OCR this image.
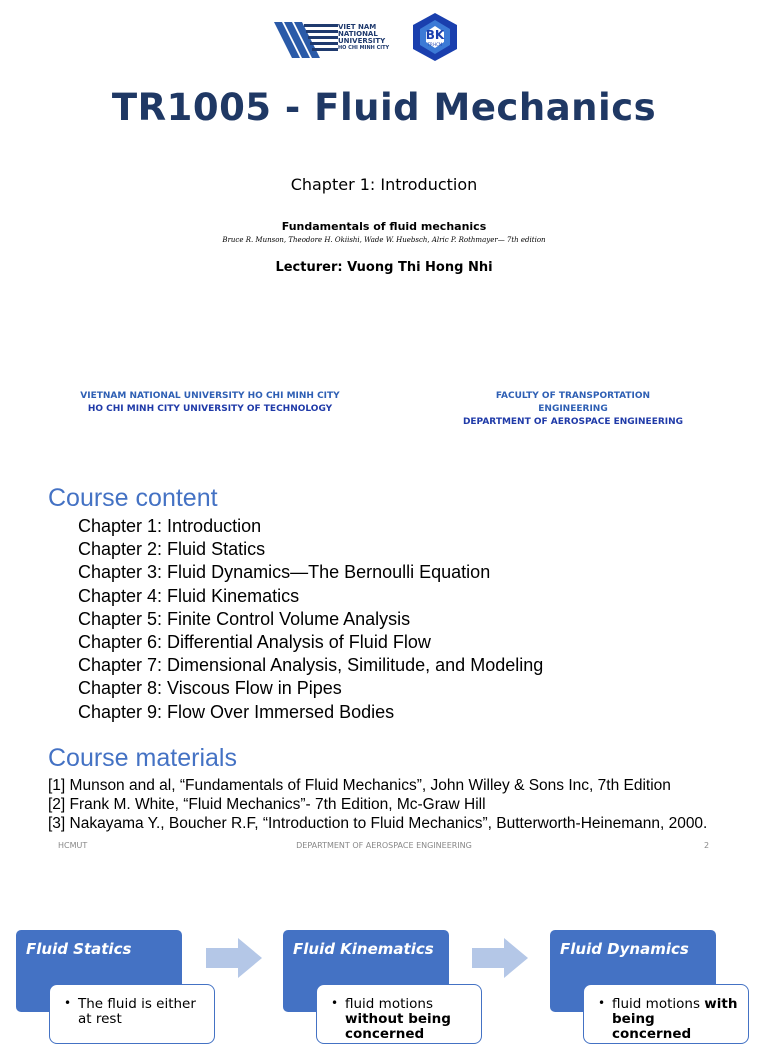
VIET NAM
NATIONAL
UNIVERSITY
HO CHI MINH CITY
BK
TP.HCM
TR1005 - Fluid Mechanics
Chapter 1: Introduction
Fundamentals of fluid mechanics
Bruce R. Munson, Theodore H. Okiishi, Wade W. Huebsch, Alric P. Rothmayer— 7th edition
Lecturer: Vuong Thi Hong Nhi
VIETNAM NATIONAL UNIVERSITY HO CHI MINH CITY
HO CHI MINH CITY UNIVERSITY OF TECHNOLOGY
FACULTY OF TRANSPORTATION
ENGINEERING
DEPARTMENT OF AEROSPACE ENGINEERING
Course content
Chapter 1: Introduction
Chapter 2: Fluid Statics
Chapter 3: Fluid Dynamics—The Bernoulli Equation
Chapter 4: Fluid Kinematics
Chapter 5: Finite Control Volume Analysis
Chapter 6: Differential Analysis of Fluid Flow
Chapter 7: Dimensional Analysis, Similitude, and Modeling
Chapter 8: Viscous Flow in Pipes
Chapter 9: Flow Over Immersed Bodies
Course materials
[1] Munson and al, “Fundamentals of Fluid Mechanics”, John Willey & Sons Inc, 7th Edition
[2] Frank M. White, “Fluid Mechanics”- 7th Edition, Mc-Graw Hill
[3] Nakayama Y., Boucher R.F, “Introduction to Fluid Mechanics”, Butterworth-Heinemann, 2000.
HCMUT	DEPARTMENT OF AEROSPACE ENGINEERING	2
Fluid Statics
• The fluid is either at rest
Fluid Kinematics
• fluid motions without being concerned
Fluid Dynamics
• fluid motions with being concerned
